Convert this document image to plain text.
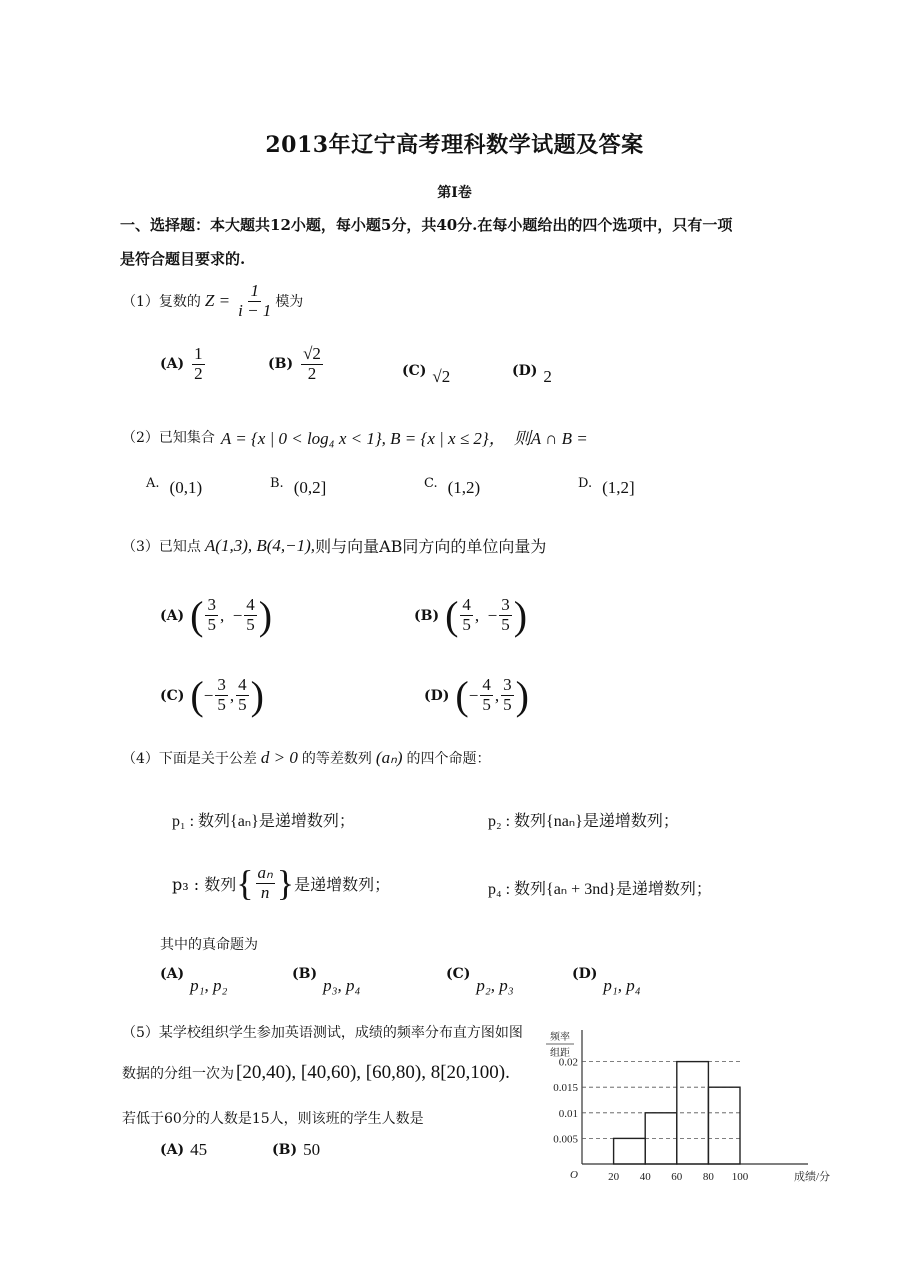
2013年辽宁高考理科数学试题及答案
第I卷
一、选择题：本大题共12小题，每小题5分，共40分.在每小题给出的四个选项中，只有一项
是符合题目要求的.
（1）复数的 $Z = \frac{1}{i - 1}$ 模为
$(A) \frac{1}{2}$	$(B) \frac{√2}{2}$	(C) √2	(D) 2
（2）已知集合 A = {x | 0 < log₄ x < 1}, B = {x | x ≤ 2}， 则A ∩ B =
A. (0,1)	B. (0,2]	C. (1,2)	D. (1,2]
（3）已知点 A(1,3), B(4,−1), 则与向量AB同方向的单位向量为
(A) ( $\frac{3}{5}$ , − $\frac{4}{5}$ )	(B) ( $\frac{4}{5}$ , − $\frac{3}{5}$ )
(C) ( − $\frac{3}{5}$ , $\frac{4}{5}$ )	(D) ( − $\frac{4}{5}$ , $\frac{3}{5}$ )
（4）下面是关于公差 d > 0 的等差数列 (aₙ) 的四个命题：
p₁ : 数列{aₙ}是递增数列；	p₂ : 数列{naₙ}是递增数列；
p₃ : 数列 { $\frac{\text{aₙ}}{n}$ } 是递增数列；	p₄ : 数列{aₙ + 3nd}是递增数列；
其中的真命题为
(A)
p₁, p₂
(B)
p₃, p₄
(C)
p₂, p₃
(D)
p₁, p₄
（5）某学校组织学生参加英语测试，成绩的频率分布直方图如图
数据的分组一次为 [20,40), [40,60), [60,80), 8[20,100).
若低于60分的人数是15人，则该班的学生人数是
(A) 45	(B) 50
0.005
0.01
0.015
0.02
20 40 60 80 100
O	成绩/分
频率
组距
